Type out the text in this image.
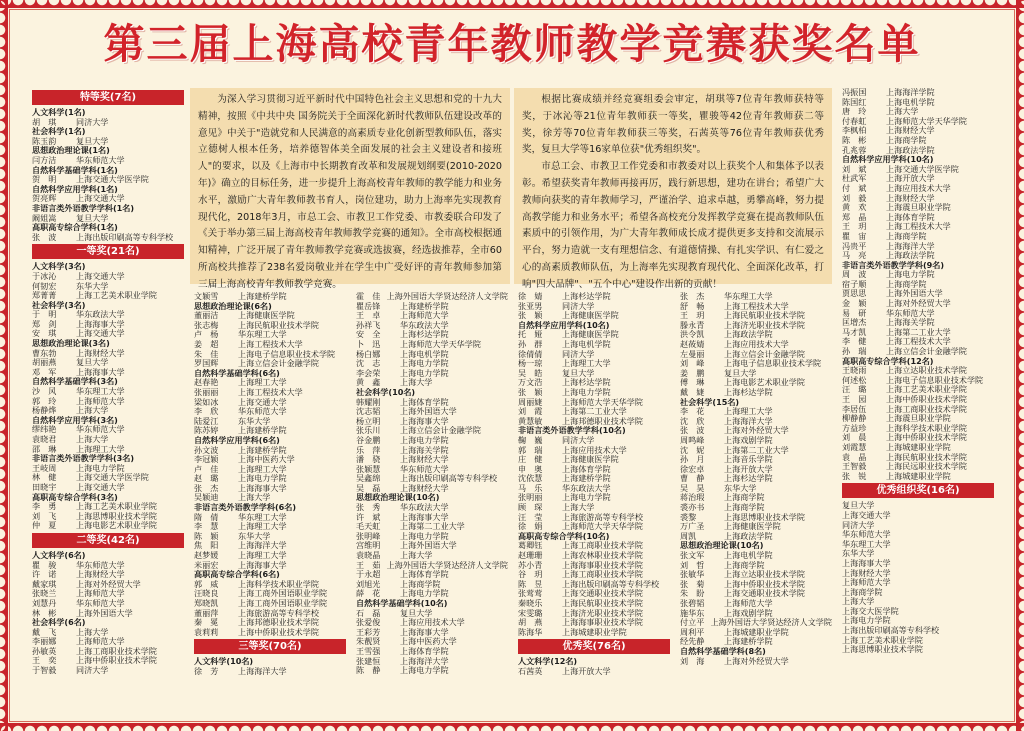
第三届上海高校青年教师教学竞赛获奖名单

为深入学习贯彻习近平新时代中国特色社会主义思想和党的十九大精神，按照《中共中央 国务院关于全面深化新时代教师队伍建设改革的意见》中关于"造就党和人民满意的高素质专业化创新型教师队伍，落实立德树人根本任务，培养德智体美全面发展的社会主义建设者和接班人"的要求，以及《上海市中长期教育改革和发展规划纲要(2010-2020年)》确立的目标任务，进一步提升上海高校青年教师的教学能力和业务水平，激励广大青年教师教书育人，岗位建功，助力上海率先实现教育现代化，2018年3月，市总工会、市教卫工作党委、市教委联合印发了《关于举办第三届上海高校青年教师教学竞赛的通知》。全市高校根据通知精神，广泛开展了青年教师教学竞赛或选拔赛，经选拔推荐，全市60所高校共推荐了238名爱岗敬业并在学生中广受好评的青年教师参加第三届上海高校青年教师教学竞赛。

根据比赛成绩并经竞赛组委会审定，胡琪等7位青年教师获特等奖，于冰沁等21位青年教师获一等奖，瞿骏等42位青年教师获二等奖，徐芳等70位青年教师获三等奖，石茜英等76位青年教师获优秀奖，复旦大学等16家单位获"优秀组织奖"。

市总工会、市教卫工作党委和市教委对以上获奖个人和集体予以表彰。希望获奖青年教师再接再厉，践行新思想，建功在讲台；希望广大教师向获奖的青年教师学习，严谨治学、追求卓越，勇攀高峰，努力提高教学能力和业务水平；希望各高校充分发挥教学竞赛在提高教师队伍素质中的引领作用，为广大青年教师成长成才提供更多支持和交流展示平台，努力造就一支有理想信念、有道德情操、有扎实学识、有仁爱之心的高素质教师队伍，为上海率先实现教育现代化、全面深化改革，打响"四大品牌"、"五个中心"建设作出新的贡献！

特等奖(7名)
人文科学(1名)
胡　琪	同济大学
社会科学(1名)
陈玉韵	复旦大学
思想政治理论课(1名)
闫方洁	华东师范大学
自然科学基础学科(1名)
贺　明	上海交通大学医学院
自然科学应用学科(1名)
贺亮辉	上海交通大学
非语言类外语教学学科(1名)
阚姐嵩	复旦大学
高职高专综合学科(1名)
张　波	上海出版印刷高等专科学校
一等奖(21名)
人文科学(3名)
于冰沁	上海交通大学
何韧宏	东华大学
郑菁菁	上海工艺美术职业学院
社会科学(3名)
于　明	华东政法大学
郑　剑	上海海事大学
安　琪	上海交通大学
思想政治理论课(3名)
曹东勃	上海财经大学
胡丽燕	复旦大学
邓　军	上海海事大学
自然科学基础学科(3名)
沙　风	华东理工大学
郭　玲	上海师范大学
杨静烨	上海大学
自然科学应用学科(3名)
缪纬艳	华东师范大学
袁晓君	上海大学
邵　琳	上海理工大学
非语言类外语教学学科(3名)
王岐周	上海电力学院
林　健	上海交通大学医学院
田晓宇	上海交通大学
高职高专综合学科(3名)
李　勇	上海工艺美术职业学院
刘　飞	上海思博职业技术学院
仲　夏	上海电影艺术职业学院
二等奖(42名)
人文科学(6名)
瞿　骏	华东师范大学
许　诺	上海财经大学
戴家琪	上海对外经贸大学
张晓兰	上海师范大学
刘慧丹	华东师范大学
林　彬	上海外国语大学
社会科学(6名)
戴　飞	上海大学
李丽娜	上海师范大学
孙敏英	上海工商职业技术学院
王　奕	上海中侨职业技术学院
于智毅	同济大学
文颖雪	上海建桥学院
思想政治理论课(6名)
董丽洁	上海健康医学院
张志梅	上海民航职业技术学院
卢　杨	华东理工大学
姜　超	上海工程技术大学
朱　佳	上海电子信息职业技术学院
罗国辉	上海立信会计金融学院
自然科学基础学科(6名)
赵春艳	上海理工大学
张丽丽	上海工程技术大学
梁如冰	上海交通大学
李　欣	华东师范大学
陆爱江	东华大学
陈苏婷	上海建桥学院
自然科学应用学科(6名)
孙文波	上海建桥学院
李冠颖	上海中医药大学
卢　佳	上海理工大学
赵　璐	上海电力学院
张　杰	上海海事大学
吴颖迪	上海大学
非语言类外语教学学科(6名)
隋　倩	华东理工大学
李　慧	上海理工大学
陈　颖	东华大学
焦　阳	上海海洋大学
赵梦媛	上海理工大学
米丽宏	上海海事大学
高职高专综合学科(6名)
郭　威	上海科学技术职业学院
汪晓良	上海工商外国语职业学院
郑晓凯	上海工商外国语职业学院
董丽萍	上海旅游高等专科学校
秦　冕	上海邦德职业技术学院
袁莉莉	上海中侨职业技术学院
三等奖(70名)
人文科学(10名)
徐　芳	上海海洋大学
霍　佳 上海外国语大学贤达经济人文学院
瞿岳锋	上海建桥学院
王　卓	上海师范大学
孙祥飞	华东政法大学
安　全	上海杉达学院
卜　迅	上海师范大学天华学院
杨白娜	上海电机学院
沈　志	上海电力学院
李会荣	上海电力学院
黄　鑫	上海大学
社会科学(10名)
韩耀刚	上海体育学院
沈志韬	上海外国语大学
杨立明	上海海事大学
张乐川	上海立信会计金融学院
谷金鹏	上海电力学院
乐　萍	上海海关学院
潘　骁	上海财经大学
张颖慧	华东师范大学
吴鑫绵	上海出版印刷高等专科学校
吴　磊	上海财经大学
思想政治理论课(10名)
张　秀	华东政法大学
许　斌	上海海事大学
毛天虹	上海第二工业大学
张明峰	上海电力学院
宫维明	上海外国语大学
袁晓晶	上海大学
王　茹 上海外国语大学贤达经济人文学院
于永超	上海体育学院
刘旭光	上海商学院
薛　花	上海电力学院
自然科学基础学科(10名)
石　磊	复旦大学
张爱俊	上海应用技术大学
王彩芳	上海海事大学
朱靓贤	上海中医药大学
王雪强	上海体育学院
张建恒	上海海洋大学
陈　静	上海电力学院
徐　婧	上海杉达学院
张亚男	同济大学
张　颖	上海健康医学院
自然科学应用学科(10名)
托　娅	上海健康医学院
孙　群	上海电机学院
徐倩倩	同济大学
杨一琼	上海理工大学
吴　皓	复旦大学
万文浩	上海杉达学院
张　颖	上海电力学院
周丽婕	上海师范大学天华学院
刘　霞	上海第二工业大学
黄慧敏	上海邦德职业技术学院
非语言类外语教学学科(10名)
鞠　巍	同济大学
郭　瑞	上海应用技术大学
庄　健	上海健康医学院
申　奥	上海体育学院
沈依慧	上海建桥学院
马　乐	华东政法大学
张明丽	上海电力学院
顾　琛	上海大学
汪　莹	上海旅游高等专科学校
徐　娟	上海师范大学天华学院
高职高专综合学科(10名)
葛卿钰	上海工商职业技术学院
赵珊珊	上海农林职业技术学院
苏小青	上海海事职业技术学院
谷　玥	上海工商职业技术学院
陈　昱	上海出版印刷高等专科学校
张莺莺	上海交通职业技术学院
秦晓乐	上海民航职业技术学院
宋雯璐	上海济光职业技术学院
胡　燕	上海海事职业技术学院
陈海华	上海城建职业学院
优秀奖(76名)
人文科学(12名)
石茜英	上海开放大学
张　杰	华东理工大学
舒　畅	上海工程技术大学
王　玥	上海民航职业技术学院
滕永青	上海济光职业技术学院
洪令凯	上海政法学院
赵莜婧	上海应用技术大学
左曼丽	上海立信会计金融学院
刘　峰	上海电子信息职业技术学院
姜　鹏	复旦大学
傅　琳	上海电影艺术职业学院
戴　婕	上海杉达学院
社会科学(15名)
李　花	上海理工大学
沈　欣	上海海洋大学
张　波	上海对外经贸大学
周鸣峰	上海戏剧学院
沈　妮	上海第二工业大学
孙　月	上海音乐学院
徐宏卓	上海开放大学
曹　静	上海杉达学院
吴　昊	东华大学
蒋治瑕	上海商学院
裘亦书	上海商学院
裘黎	上海思博职业技术学院
万广圣	上海健康医学院
周凯	上海政法学院
思想政治理论课(10名)
张文军	上海电机学院
刘　哲	上海商学院
张敏华	上海立达职业技术学院
张　菊	上海中侨职业技术学院
朱　盼	上海交通职业技术学院
张碧韬	上海师范大学
施华东	上海戏剧学院
付立平 上海外国语大学贤达经济人文学院
周利平	上海城建职业学院
经先静	上海建桥学院
自然科学基础学科(8名)
刘　海	上海对外经贸大学
冯振国	上海海洋学院
陈国红	上海电机学院
唐　玲	上海大学
付春虹	上海师范大学天华学院
李枫柏	上海财经大学
陈　彬	上海商学院
孔兆蓉	上海政法学院
自然科学应用学科(10名)
刘　斌	上海交通大学医学院
杜武军	上海开放大学
付　斌	上海应用技术大学
刘　毅	上海财经大学
黄　欢	上海震旦职业学院
郑　晶	上海体育学院
王　玥	上海工程技术大学
瞿　宙	上海商学院
冯贵平	上海海洋大学
马　亮	上海政法学院
非语言类外语教学学科(9名)
周　波	上海电力学院
宿子顺	上海商学院
贾思思	上海外国语大学
金　颖	上海对外经贸大学
易　研	华东师范大学
匡增杰	上海海关学院
马才凯	上海第二工业大学
李　健	上海工程技术大学
孙　瑞	上海立信会计金融学院
高职高专综合学科(12名)
王晓雨	上海立达职业技术学院
何述松	上海电子信息职业技术学院
汪　璐	上海工艺美术职业学院
王　园	上海中侨职业技术学院
李居伍	上海工商职业技术学院
柳静静	上海震旦职业学院
方益珍	上海科学技术职业学院
刘　晨	上海中侨职业技术学院
刘霞慧	上海城建职业学院
袁　晶	上海民航职业技术学院
王智毅	上海民远职业技术学院
张　锐	上海城建职业学院
优秀组织奖(16名)
复旦大学
上海交通大学
同济大学
华东师范大学
华东理工大学
东华大学
上海海事大学
上海财经大学
上海师范大学
上海商学院
上海大学
上海交大医学院
上海电力学院
上海出版印刷高等专科学校
上海工艺美术职业学院
上海思博职业技术学院
